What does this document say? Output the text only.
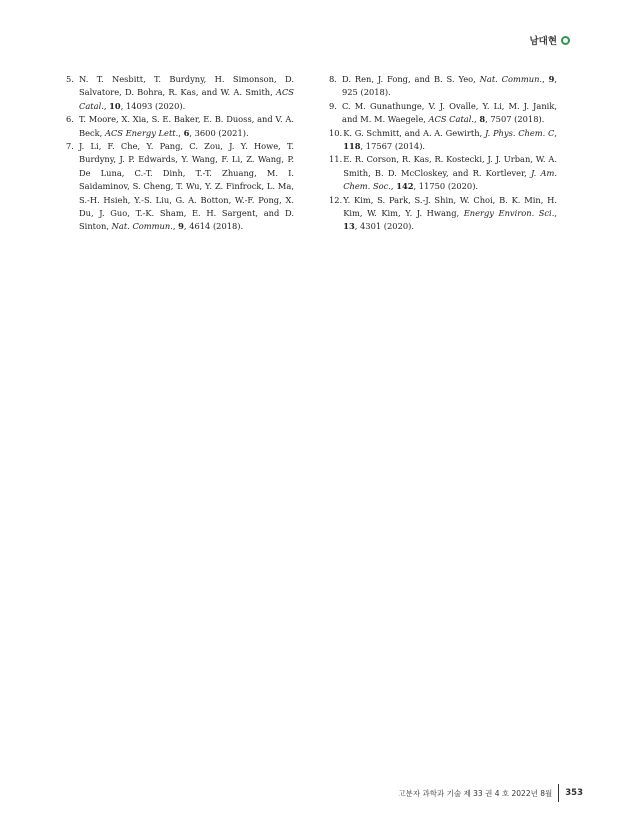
남대현
5. N. T. Nesbitt, T. Burdyny, H. Simonson, D. Salvatore, D. Bohra, R. Kas, and W. A. Smith, ACS Catal., 10, 14093 (2020).
6. T. Moore, X. Xia, S. E. Baker, E. B. Duoss, and V. A. Beck, ACS Energy Lett., 6, 3600 (2021).
7. J. Li, F. Che, Y. Pang, C. Zou, J. Y. Howe, T. Burdyny, J. P. Edwards, Y. Wang, F. Li, Z. Wang, P. De Luna, C.-T. Dinh, T.-T. Zhuang, M. I. Saidaminov, S. Cheng, T. Wu, Y. Z. Finfrock, L. Ma, S.-H. Hsieh, Y.-S. Liu, G. A. Botton, W.-F. Pong, X. Du, J. Guo, T.-K. Sham, E. H. Sargent, and D. Sinton, Nat. Commun., 9, 4614 (2018).
8. D. Ren, J. Fong, and B. S. Yeo, Nat. Commun., 9, 925 (2018).
9. C. M. Gunathunge, V. J. Ovalle, Y. Li, M. J. Janik, and M. M. Waegele, ACS Catal., 8, 7507 (2018).
10. K. G. Schmitt, and A. A. Gewirth, J. Phys. Chem. C, 118, 17567 (2014).
11. E. R. Corson, R. Kas, R. Kostecki, J. J. Urban, W. A. Smith, B. D. McCloskey, and R. Kortlever, J. Am. Chem. Soc., 142, 11750 (2020).
12. Y. Kim, S. Park, S.-J. Shin, W. Choi, B. K. Min, H. Kim, W. Kim, Y. J. Hwang, Energy Environ. Sci., 13, 4301 (2020).
고분자 과학과 기술 제 33 권 4 호 2022년 8월 353
